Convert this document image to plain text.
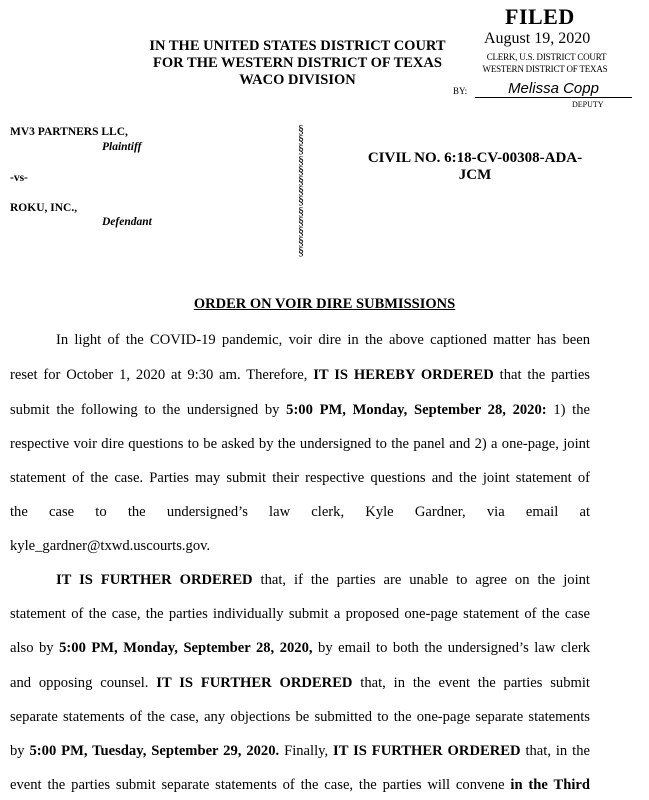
FILED
August 19, 2020
CLERK, U.S. DISTRICT COURT
WESTERN DISTRICT OF TEXAS
BY:	Melissa Copp
DEPUTY
IN THE UNITED STATES DISTRICT COURT
FOR THE WESTERN DISTRICT OF TEXAS
WACO DIVISION
MV3 PARTNERS LLC,
Plaintiff
-vs-
ROKU, INC.,
Defendant
§
§
§
§
§
§
§
§
§
§
§
§
§
CIVIL NO. 6:18-CV-00308-ADA-
JCM
ORDER ON VOIR DIRE SUBMISSIONS
In light of the COVID-19 pandemic, voir dire in the above captioned matter has been
reset for October 1, 2020 at 9:30 am. Therefore, IT IS HEREBY ORDERED that the parties
submit the following to the undersigned by 5:00 PM, Monday, September 28, 2020: 1) the
respective voir dire questions to be asked by the undersigned to the panel and 2) a one-page, joint
statement of the case. Parties may submit their respective questions and the joint statement of
the case to the undersigned’s law clerk, Kyle Gardner, via email at
kyle_gardner@txwd.uscourts.gov.
IT IS FURTHER ORDERED that, if the parties are unable to agree on the joint
statement of the case, the parties individually submit a proposed one-page statement of the case
also by 5:00 PM, Monday, September 28, 2020, by email to both the undersigned’s law clerk
and opposing counsel. IT IS FURTHER ORDERED that, in the event the parties submit
separate statements of the case, any objections be submitted to the one-page separate statements
by 5:00 PM, Tuesday, September 29, 2020. Finally, IT IS FURTHER ORDERED that, in the
event the parties submit separate statements of the case, the parties will convene in the Third
